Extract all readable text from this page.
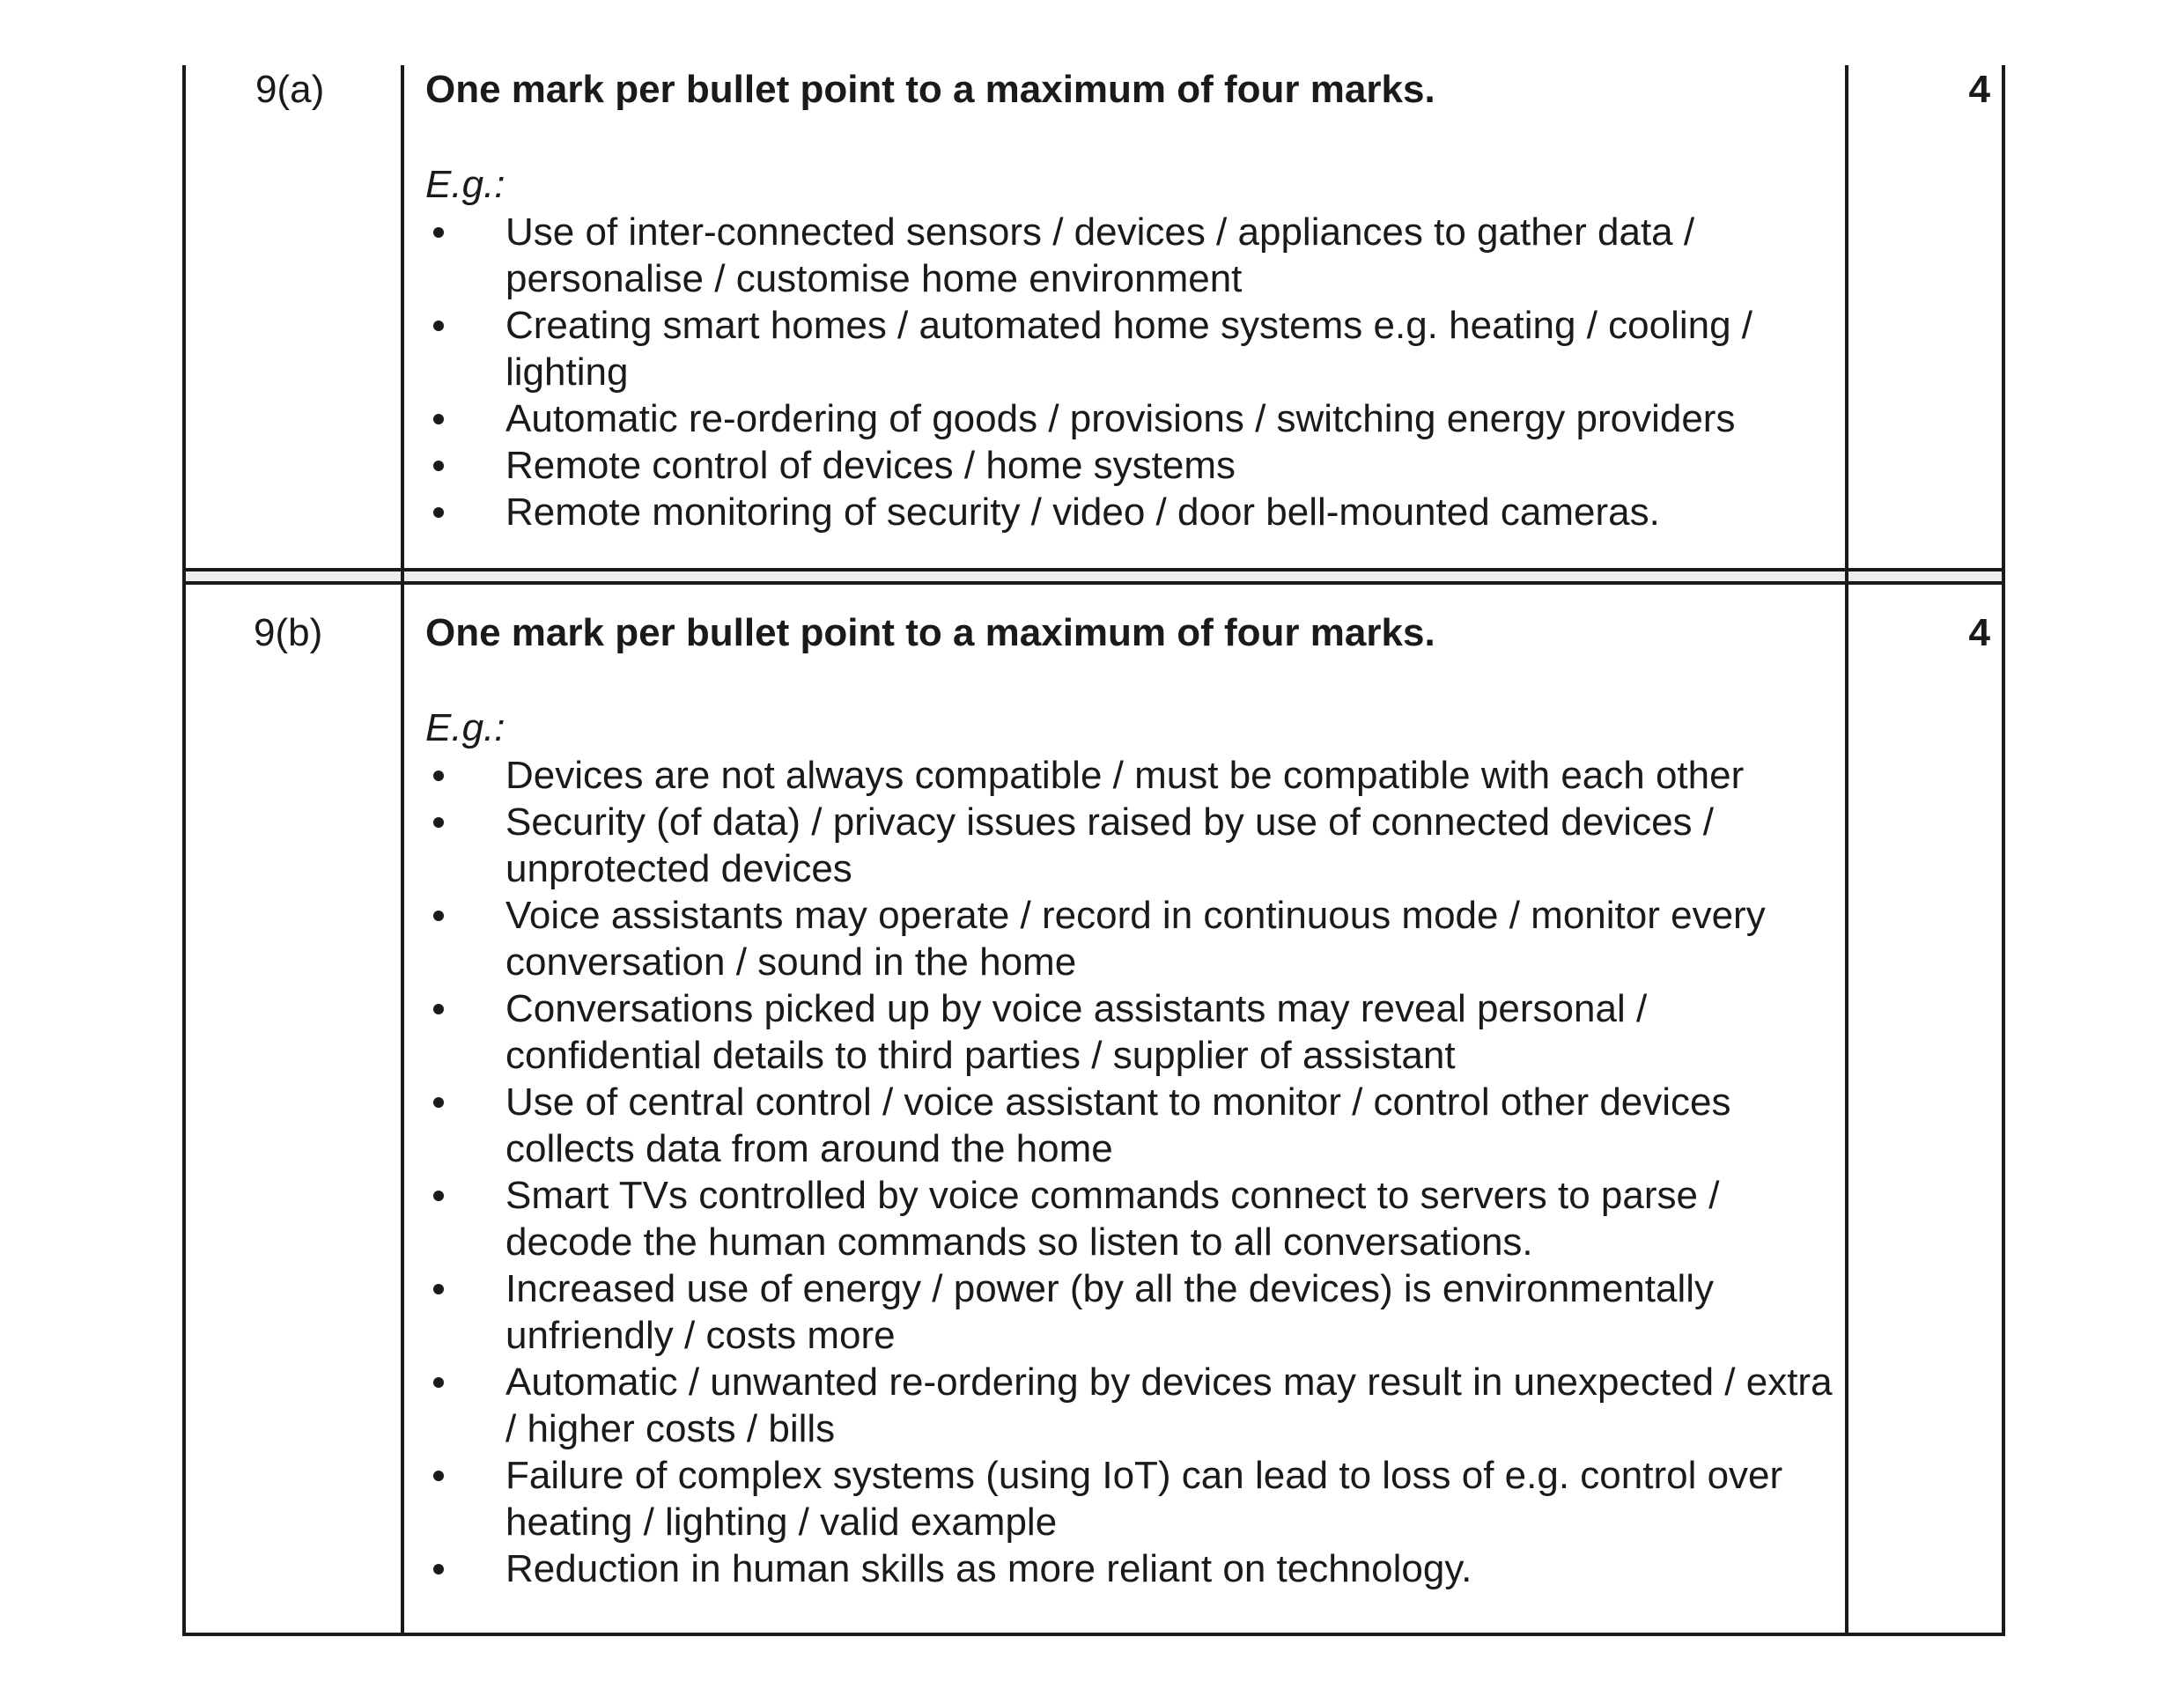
9(a)	4

One mark per bullet point to a maximum of four marks.

E.g.:

Use of inter-connected sensors / devices / appliances to gather data / personalise / customise home environment
Creating smart homes / automated home systems e.g. heating / cooling / lighting
Automatic re-ordering of goods / provisions / switching energy providers
Remote control of devices / home systems
Remote monitoring of security / video / door bell-mounted cameras.
9(b)	4

One mark per bullet point to a maximum of four marks.

E.g.:

Devices are not always compatible / must be compatible with each other
Security (of data) / privacy issues raised by use of connected devices / unprotected devices
Voice assistants may operate / record in continuous mode / monitor every conversation / sound in the home
Conversations picked up by voice assistants may reveal personal / confidential details to third parties / supplier of assistant
Use of central control / voice assistant to monitor / control other devices collects data from around the home
Smart TVs controlled by voice commands connect to servers to parse / decode the human commands so listen to all conversations.
Increased use of energy / power (by all the devices) is environmentally unfriendly / costs more
Automatic / unwanted re-ordering by devices may result in unexpected / extra / higher costs / bills
Failure of complex systems (using IoT) can lead to loss of e.g. control over heating / lighting / valid example
Reduction in human skills as more reliant on technology.
